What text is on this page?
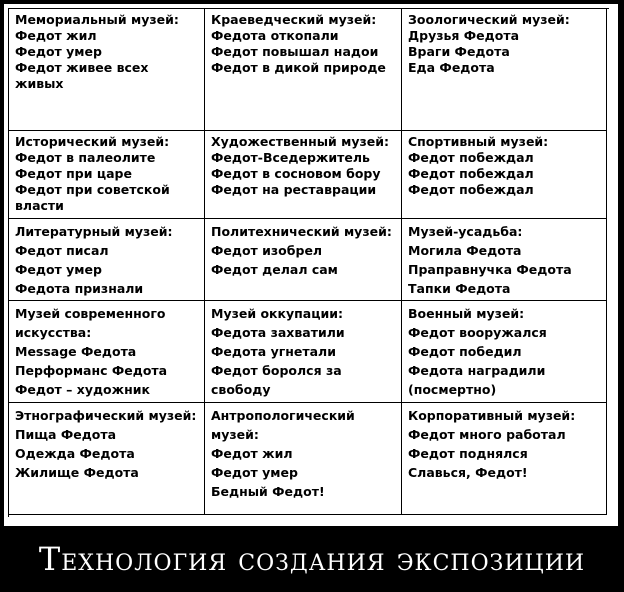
Мемориальный музей:
Федот жил
Федот умер
Федот живее всех живых
Краеведческий музей:
Федота откопали
Федот повышал надои
Федот в дикой природе
Зоологический музей:
Друзья Федота
Враги Федота
Еда Федота
Исторический музей:
Федот в палеолите
Федот при царе
Федот при советской власти
Художественный музей:
Федот-Вседержитель
Федот в сосновом бору
Федот на реставрации
Спортивный музей:
Федот побеждал
Федот побеждал
Федот побеждал
Литературный музей:
Федот писал
Федот умер
Федота признали
Политехнический музей:
Федот изобрел
Федот делал сам
Музей-усадьба:
Могила Федота
Праправнучка Федота
Тапки Федота
Музей современного искусства:
Message Федота
Перформанс Федота
Федот – художник
Музей оккупации:
Федота захватили
Федота угнетали
Федот боролся за свободу
Военный музей:
Федот вооружался
Федот победил
Федота наградили (посмертно)
Этнографический музей:
Пища Федота
Одежда Федота
Жилище Федота
Антропологический музей:
Федот жил
Федот умер
Бедный Федот!
Корпоративный музей:
Федот много работал
Федот поднялся
Славься, Федот!
Технология создания экспозиции
